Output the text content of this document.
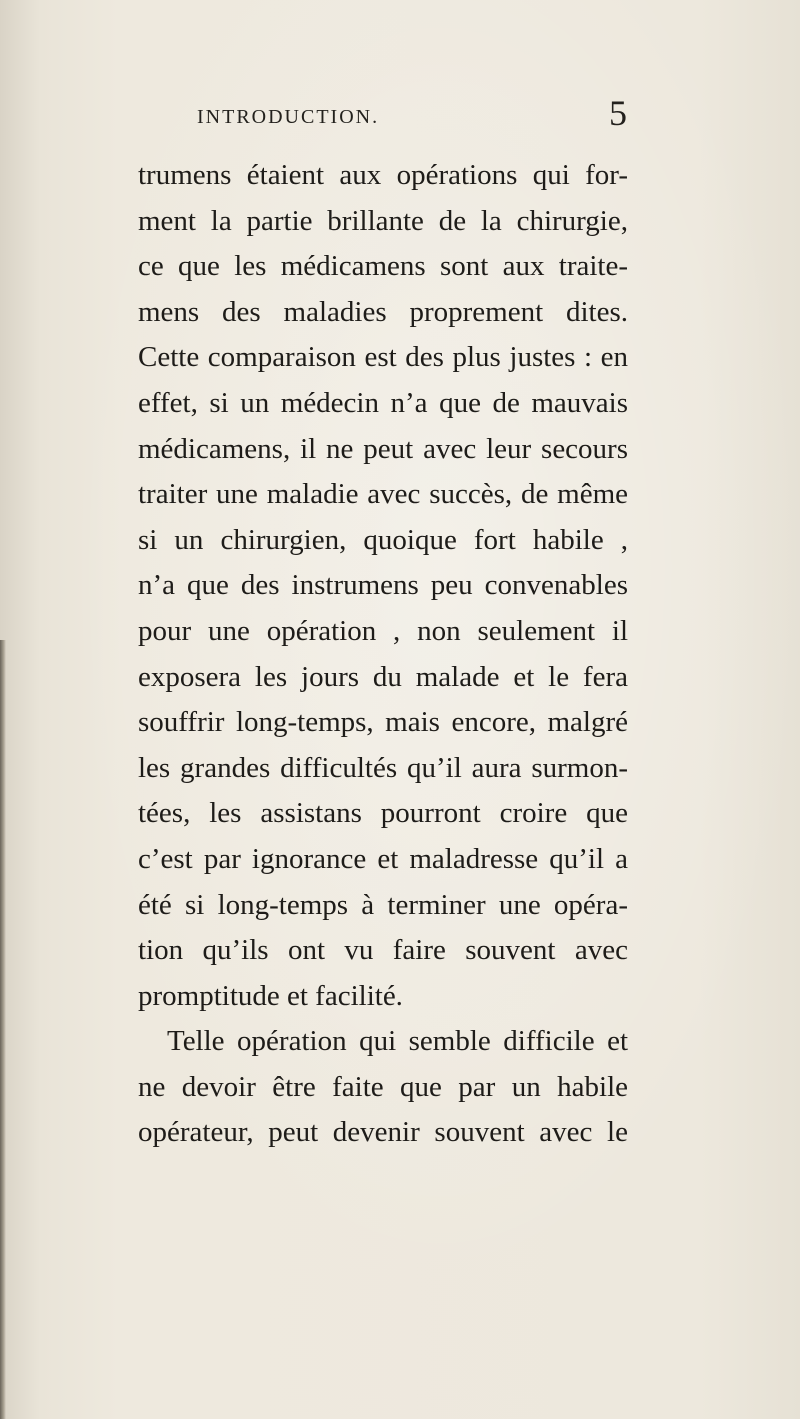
INTRODUCTION.	5
trumens étaient aux opérations qui for-
ment la partie brillante de la chirurgie,
ce que les médicamens sont aux traite-
mens des maladies proprement dites.
Cette comparaison est des plus justes : en
effet, si un médecin n’a que de mauvais
médicamens, il ne peut avec leur secours
traiter une maladie avec succès, de même
si un chirurgien, quoique fort habile ,
n’a que des instrumens peu convenables
pour une opération , non seulement il
exposera les jours du malade et le fera
souffrir long-temps, mais encore, malgré
les grandes difficultés qu’il aura surmon-
tées, les assistans pourront croire que
c’est par ignorance et maladresse qu’il a
été si long-temps à terminer une opéra-
tion qu’ils ont vu faire souvent avec
promptitude et facilité.
Telle opération qui semble difficile et
ne devoir être faite que par un habile
opérateur, peut devenir souvent avec le
